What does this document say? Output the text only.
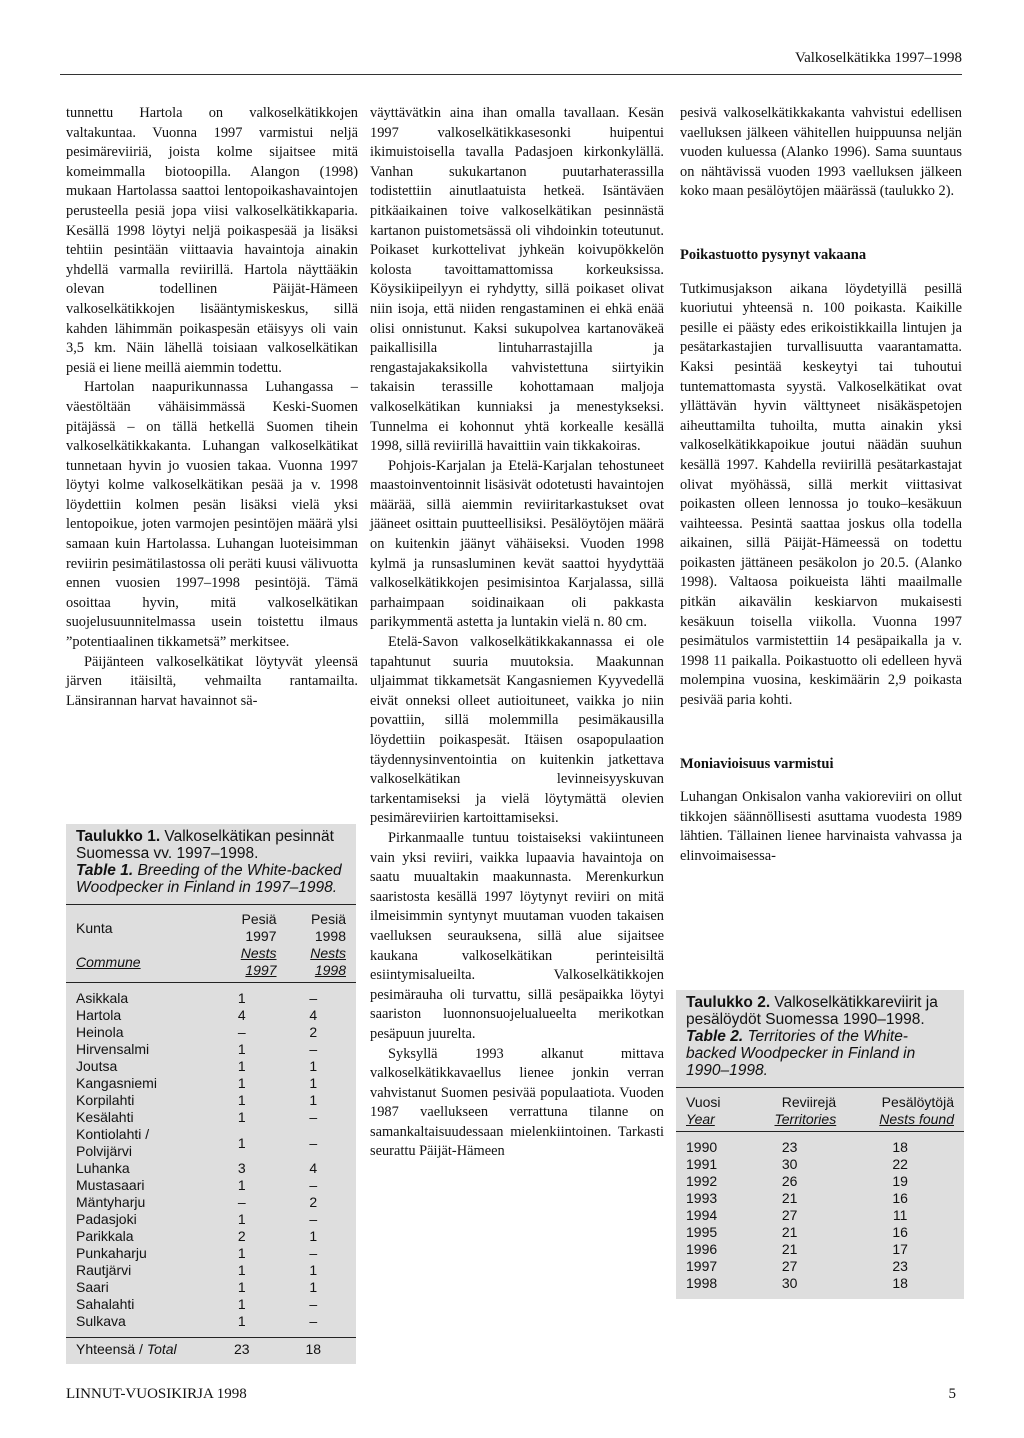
Valkoselkätikka 1997–1998

tunnettu Hartola on valkoselkätikkojen valtakuntaa. Vuonna 1997 varmistui neljä pesimäreviiriä, joista kolme sijaitsee mitä komeimmalla biotoopilla. Alangon (1998) mukaan Hartolassa saattoi lentopoikashavaintojen perusteella pesiä jopa viisi valkoselkätikkaparia. Kesällä 1998 löytyi neljä poikaspesää ja lisäksi tehtiin pesintään viittaavia havaintoja ainakin yhdellä varmalla reviirillä. Hartola näyttääkin olevan todellinen Päijät-Hämeen valkoselkätikkojen lisääntymiskeskus, sillä kahden lähimmän poikaspesän etäisyys oli vain 3,5 km. Näin lähellä toisiaan valkoselkätikan pesiä ei liene meillä aiemmin todettu.

Hartolan naapurikunnassa Luhangassa – väestöltään vähäisimmässä Keski-Suomen pitäjässä – on tällä hetkellä Suomen tihein valkoselkätikkakanta. Luhangan valkoselkätikat tunnetaan hyvin jo vuosien takaa. Vuonna 1997 löytyi kolme valkoselkätikan pesää ja v. 1998 löydettiin kolmen pesän lisäksi vielä yksi lentopoikue, joten varmojen pesintöjen määrä ylsi samaan kuin Hartolassa. Luhangan luoteisimman reviirin pesimätilastossa oli peräti kuusi välivuotta ennen vuosien 1997–1998 pesintöjä. Tämä osoittaa hyvin, mitä valkoselkätikan suojelusuunnitelmassa usein toistettu ilmaus ”potentiaalinen tikkametsä” merkitsee.

Päijänteen valkoselkätikat löytyvät yleensä järven itäisiltä, vehmailta rantamailta. Länsirannan harvat havainnot sä-

Taulukko 1. Valkoselkätikan pesinnät Suomessa vv. 1997–1998.
Table 1. Breeding of the White-backed Woodpecker in Finland in 1997–1998.
Kunta	Pesiä 1997	Pesiä 1998
Commune	Nests 1997	Nests 1998
Asikkala	1	–
Hartola	4	4
Heinola	–	2
Hirvensalmi	1	–
Joutsa	1	1
Kangasniemi	1	1
Korpilahti	1	1
Kesälahti	1	–
Kontiolahti / Polvijärvi	1	–
Luhanka	3	4
Mustasaari	1	–
Mäntyharju	–	2
Padasjoki	1	–
Parikkala	2	1
Punkaharju	1	–
Rautjärvi	1	1
Saari	1	1
Sahalahti	1	–
Sulkava	1	–
Yhteensä / Total	23	18

väyttävätkin aina ihan omalla tavallaan. Kesän 1997 valkoselkätikkasesonki huipentui ikimuistoisella tavalla Padasjoen kirkonkylällä. Vanhan sukukartanon puutarhaterassilla todistettiin ainutlaatuista hetkeä. Isäntäväen pitkäaikainen toive valkoselkätikan pesinnästä kartanon puistometsässä oli vihdoinkin toteutunut. Poikaset kurkottelivat jyhkeän koivupökkelön kolosta tavoittamattomissa korkeuksissa. Köysikiipeilyyn ei ryhdytty, sillä poikaset olivat niin isoja, että niiden rengastaminen ei ehkä enää olisi onnistunut. Kaksi sukupolvea kartanoväkeä paikallisilla lintuharrastajilla ja rengastajakaksikolla vahvistettuna siirtyikin takaisin terassille kohottamaan maljoja valkoselkätikan kunniaksi ja menestykseksi. Tunnelma ei kohonnut yhtä korkealle kesällä 1998, sillä reviirillä havaittiin vain tikkakoiras.

Pohjois-Karjalan ja Etelä-Karjalan tehostuneet maastoinventoinnit lisäsivät odotetusti havaintojen määrää, sillä aiemmin reviiritarkastukset ovat jääneet osittain puutteellisiksi. Pesälöytöjen määrä on kuitenkin jäänyt vähäiseksi. Vuoden 1998 kylmä ja runsasluminen kevät saattoi hyydyttää valkoselkätikkojen pesimisintoa Karjalassa, sillä parhaimpaan soidinaikaan oli pakkasta parikymmentä astetta ja luntakin vielä n. 80 cm.

Etelä-Savon valkoselkätikkakannassa ei ole tapahtunut suuria muutoksia. Maakunnan uljaimmat tikkametsät Kangasniemen Kyyvedellä eivät onneksi olleet autioituneet, vaikka jo niin povattiin, sillä molemmilla pesimäkausilla löydettiin poikaspesät. Itäisen osapopulaation täydennysinventointia on kuitenkin jatkettava valkoselkätikan levinneisyyskuvan tarkentamiseksi ja vielä löytymättä olevien pesimäreviirien kartoittamiseksi.

Pirkanmaalle tuntuu toistaiseksi vakiintuneen vain yksi reviiri, vaikka lupaavia havaintoja on saatu muualtakin maakunnasta. Merenkurkun saaristosta kesällä 1997 löytynyt reviiri on mitä ilmeisimmin syntynyt muutaman vuoden takaisen vaelluksen seurauksena, sillä alue sijaitsee kaukana valkoselkätikan perinteisiltä esiintymisalueilta. Valkoselkätikkojen pesimärauha oli turvattu, sillä pesäpaikka löytyi saariston luonnonsuojelualueelta merikotkan pesäpuun juurelta.

Syksyllä 1993 alkanut mittava valkoselkätikkavaellus lienee jonkin verran vahvistanut Suomen pesivää populaatiota. Vuoden 1987 vaellukseen verrattuna tilanne on samankaltaisuudessaan mielenkiintoinen. Tarkasti seurattu Päijät-Hämeen

pesivä valkoselkätikkakanta vahvistui edellisen vaelluksen jälkeen vähitellen huippuunsa neljän vuoden kuluessa (Alanko 1996). Sama suuntaus on nähtävissä vuoden 1993 vaelluksen jälkeen koko maan pesälöytöjen määrässä (taulukko 2).

Poikastuotto pysynyt vakaana

Tutkimusjakson aikana löydetyillä pesillä kuoriutui yhteensä n. 100 poikasta. Kaikille pesille ei päästy edes erikoistikkailla lintujen ja pesätarkastajien turvallisuutta vaarantamatta. Kaksi pesintää keskeytyi tai tuhoutui tuntemattomasta syystä. Valkoselkätikat ovat yllättävän hyvin välttyneet nisäkäspetojen aiheuttamilta tuhoilta, mutta ainakin yksi valkoselkätikkapoikue joutui näädän suuhun kesällä 1997. Kahdella reviirillä pesätarkastajat olivat myöhässä, sillä merkit viittasivat poikasten olleen lennossa jo touko–kesäkuun vaihteessa. Pesintä saattaa joskus olla todella aikainen, sillä Päijät-Hämeessä on todettu poikasten jättäneen pesäkolon jo 20.5. (Alanko 1998). Valtaosa poikueista lähti maailmalle pitkän aikavälin keskiarvon mukaisesti kesäkuun toisella viikolla. Vuonna 1997 pesimätulos varmistettiin 14 pesäpaikalla ja v. 1998 11 paikalla. Poikastuotto oli edelleen hyvä molempina vuosina, keskimäärin 2,9 poikasta pesivää paria kohti.

Moniavioisuus varmistui

Luhangan Onkisalon vanha vakioreviiri on ollut tikkojen säännöllisesti asuttama vuodesta 1989 lähtien. Tällainen lienee harvinaista vahvassa ja elinvoimaisessa-

Taulukko 2. Valkoselkätikkareviirit ja pesälöydöt Suomessa 1990–1998.
Table 2. Territories of the White-backed Woodpecker in Finland in 1990–1998.
Vuosi	Reviirejä	Pesälöytöjä
Year	Territories	Nests found
1990	23	18
1991	30	22
1992	26	19
1993	21	16
1994	27	11
1995	21	16
1996	21	17
1997	27	23
1998	30	18
LINNUT-VUOSIKIRJA 1998	5
